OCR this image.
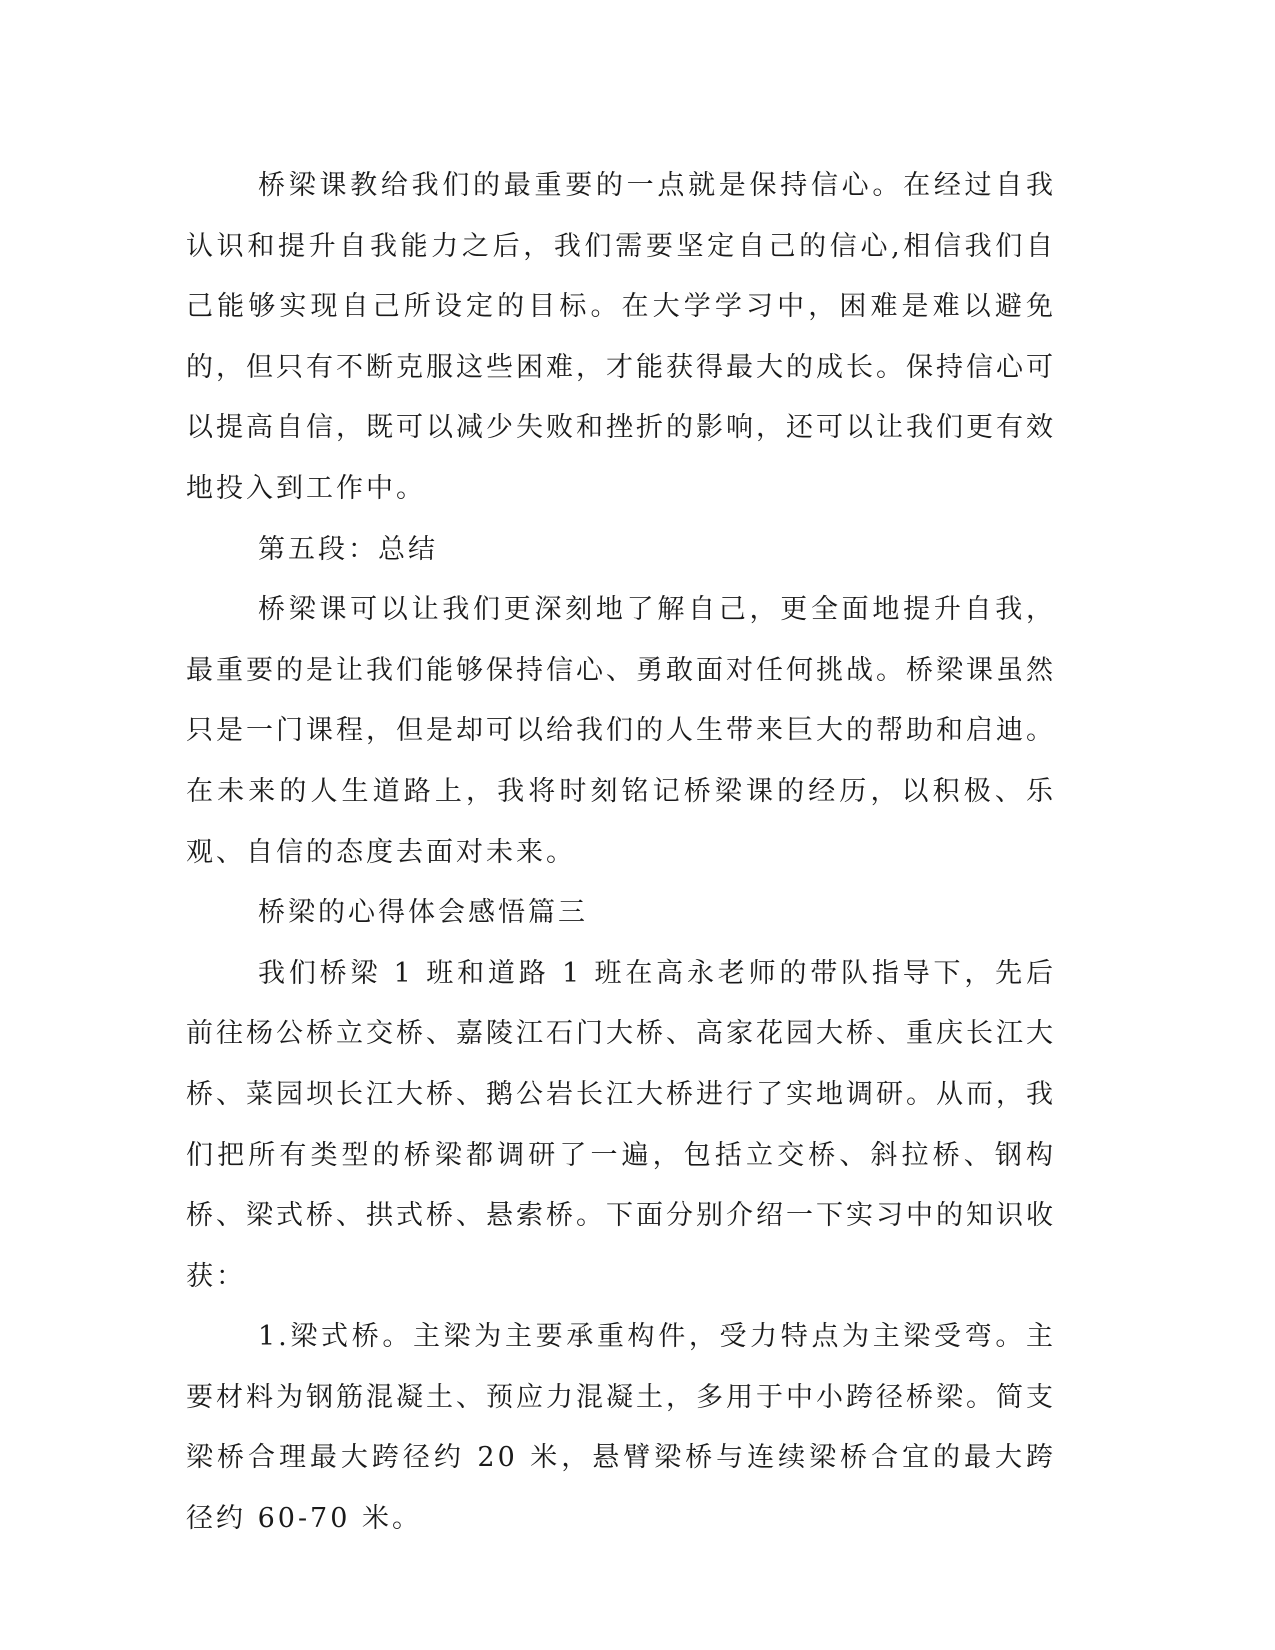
桥梁课教给我们的最重要的一点就是保持信心。在经过自我认识和提升自我能力之后，我们需要坚定自己的信心,相信我们自己能够实现自己所设定的目标。在大学学习中，困难是难以避免的，但只有不断克服这些困难，才能获得最大的成长。保持信心可以提高自信，既可以减少失败和挫折的影响，还可以让我们更有效地投入到工作中。

第五段：总结

桥梁课可以让我们更深刻地了解自己，更全面地提升自我，最重要的是让我们能够保持信心、勇敢面对任何挑战。桥梁课虽然只是一门课程，但是却可以给我们的人生带来巨大的帮助和启迪。在未来的人生道路上，我将时刻铭记桥梁课的经历，以积极、乐观、自信的态度去面对未来。

桥梁的心得体会感悟篇三

我们桥梁 1 班和道路 1 班在高永老师的带队指导下，先后前往杨公桥立交桥、嘉陵江石门大桥、高家花园大桥、重庆长江大桥、菜园坝长江大桥、鹅公岩长江大桥进行了实地调研。从而，我们把所有类型的桥梁都调研了一遍，包括立交桥、斜拉桥、钢构桥、梁式桥、拱式桥、悬索桥。下面分别介绍一下实习中的知识收获：

1.梁式桥。主梁为主要承重构件，受力特点为主梁受弯。主要材料为钢筋混凝土、预应力混凝土，多用于中小跨径桥梁。简支梁桥合理最大跨径约 20 米，悬臂梁桥与连续梁桥合宜的最大跨径约 60-70 米。
